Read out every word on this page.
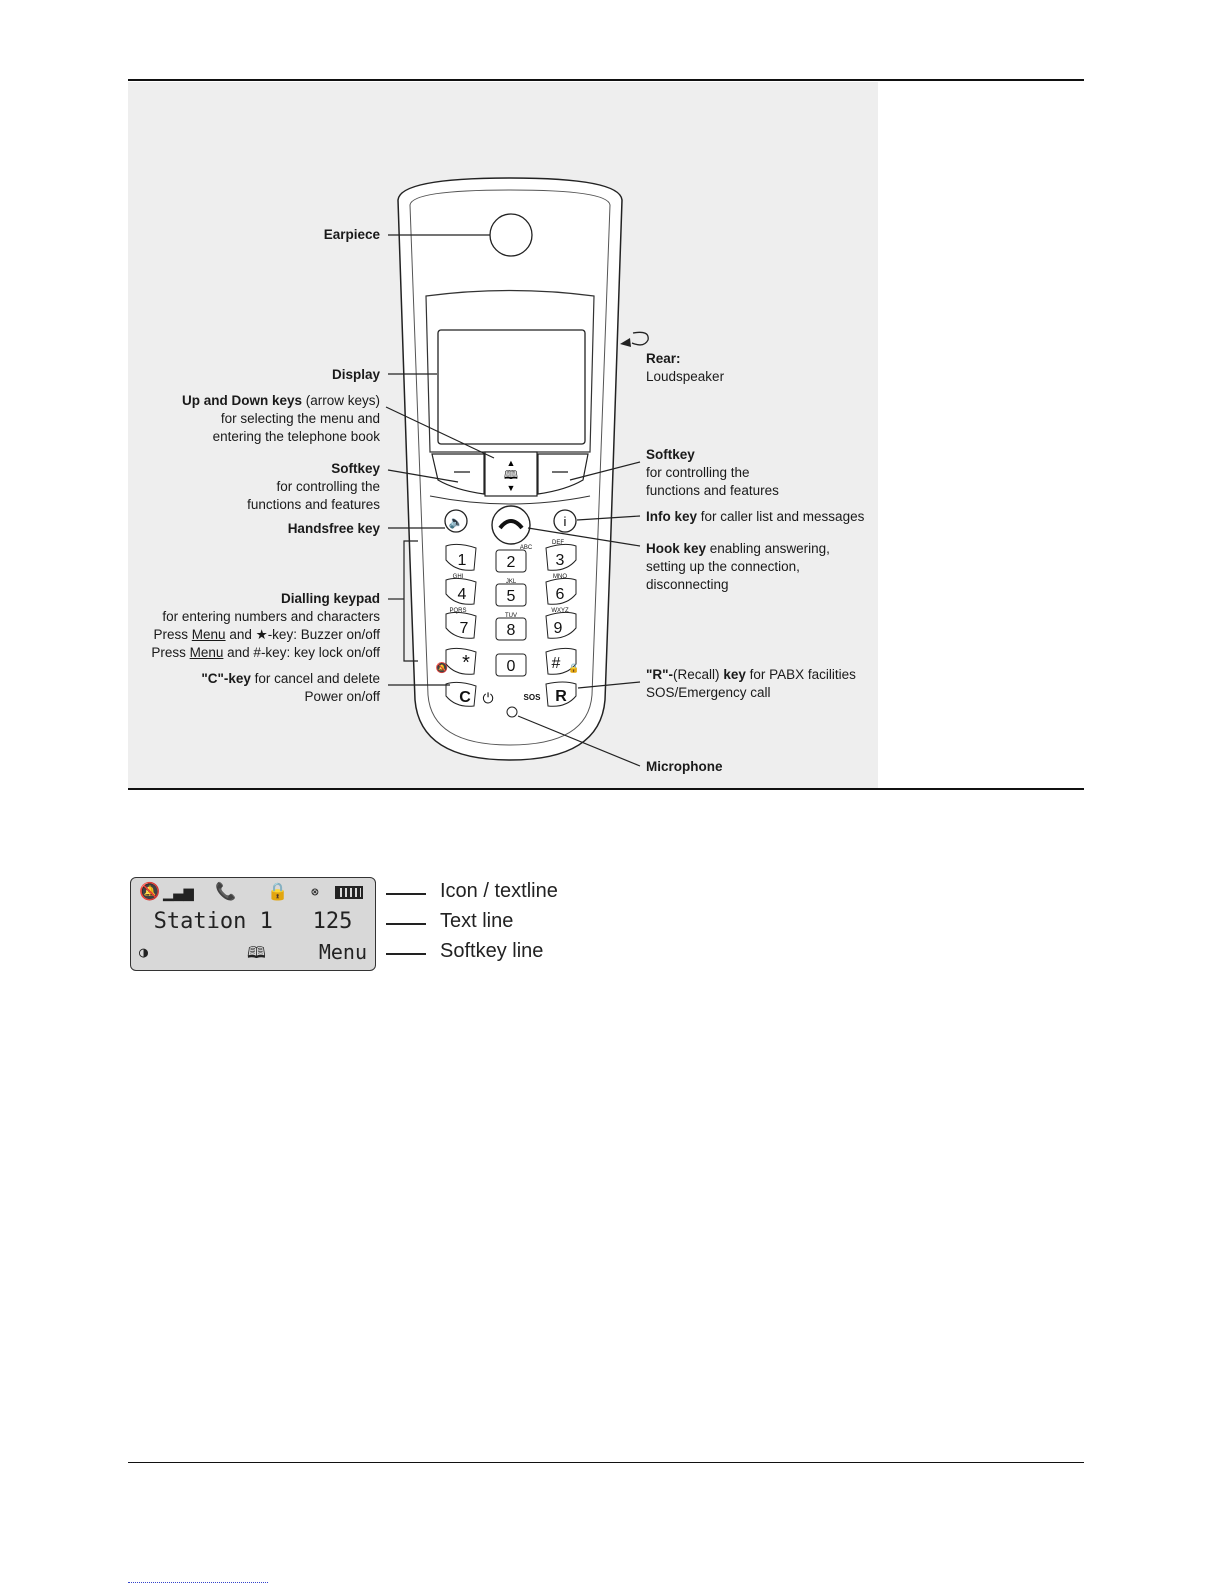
▲
🕮
▼
🔈	i
1	2
ABC
3
DEF
4
GHI
5
JKL
6
MNO
7
PQRS
8
TUV
9
WXYZ
*
🔕	0 # 🔒
C ⏻	R
SOS
Earpiece
Display
Up and Down keys (arrow keys)
for selecting the menu and
entering the telephone book
Softkey
for controlling the
functions and features
Handsfree key
Dialling keypad
for entering numbers and characters
Press Menu and ★-key: Buzzer on/off
Press Menu and #-key: key lock on/off
"C"-key for cancel and delete
Power on/off
Rear:
Loudspeaker
Softkey
for controlling the
functions and features
Info key for caller list and messages
Hook key enabling answering,
setting up the connection,
disconnecting
"R"-(Recall) key for PABX facilities
SOS/Emergency call
Microphone
🔕 ▁▃▅ 📞 🔒 ⊗
Station 1   125
◑	🕮	Menu
Icon / textline
Text line
Softkey line
